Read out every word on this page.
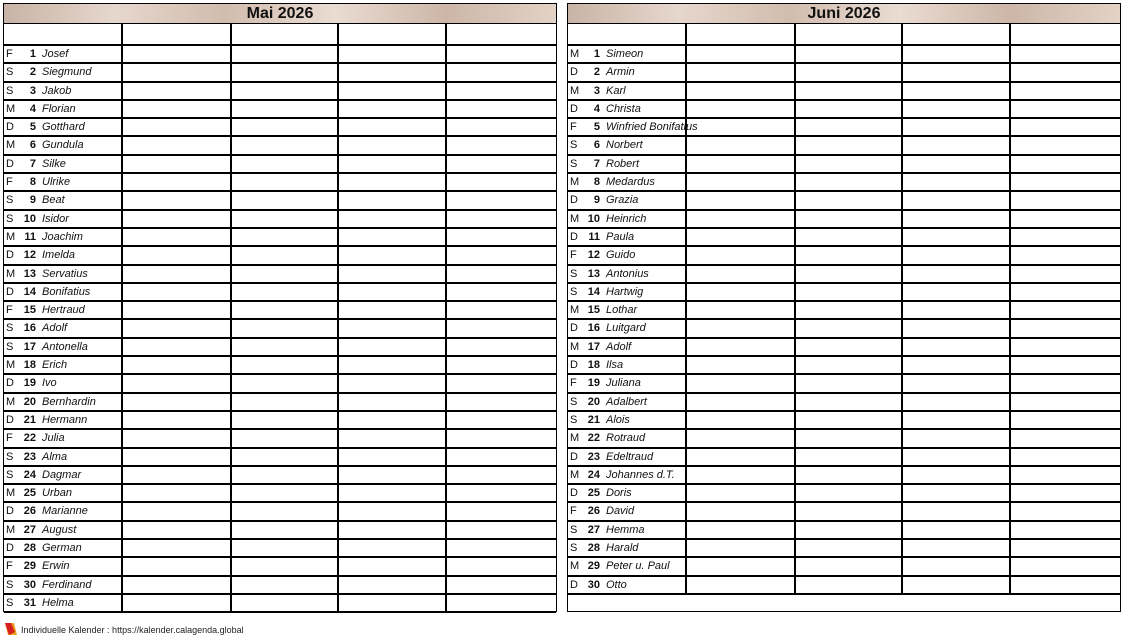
Mai 2026
F	1 Josef
S	2 Siegmund
S	3 Jakob
M	4 Florian
D	5 Gotthard
M	6 Gundula
D	7 Silke
F	8 Ulrike
S	9 Beat
S 10 Isidor
M 11 Joachim
D 12 Imelda
M 13 Servatius
D 14 Bonifatius
F 15 Hertraud
S 16 Adolf
S 17 Antonella
M 18 Erich
D 19 Ivo
M 20 Bernhardin
D 21 Hermann
F 22 Julia
S 23 Alma
S 24 Dagmar
M 25 Urban
D 26 Marianne
M 27 August
D 28 German
F 29 Erwin
S 30 Ferdinand
S 31 Helma
Juni 2026
M	1 Simeon
D	2 Armin
M	3 Karl
D	4 Christa
F	5 Winfried Bonifatius
S	6 Norbert
S	7 Robert
M	8 Medardus
D	9 Grazia
M 10 Heinrich
D 11 Paula
F 12 Guido
S 13 Antonius
S 14 Hartwig
M 15 Lothar
D 16 Luitgard
M 17 Adolf
D 18 Ilsa
F 19 Juliana
S 20 Adalbert
S 21 Alois
M 22 Rotraud
D 23 Edeltraud
M 24 Johannes d.T.
D 25 Doris
F 26 David
S 27 Hemma
S 28 Harald
M 29 Peter u. Paul
D 30 Otto
Individuelle Kalender : https://kalender.calagenda.global
